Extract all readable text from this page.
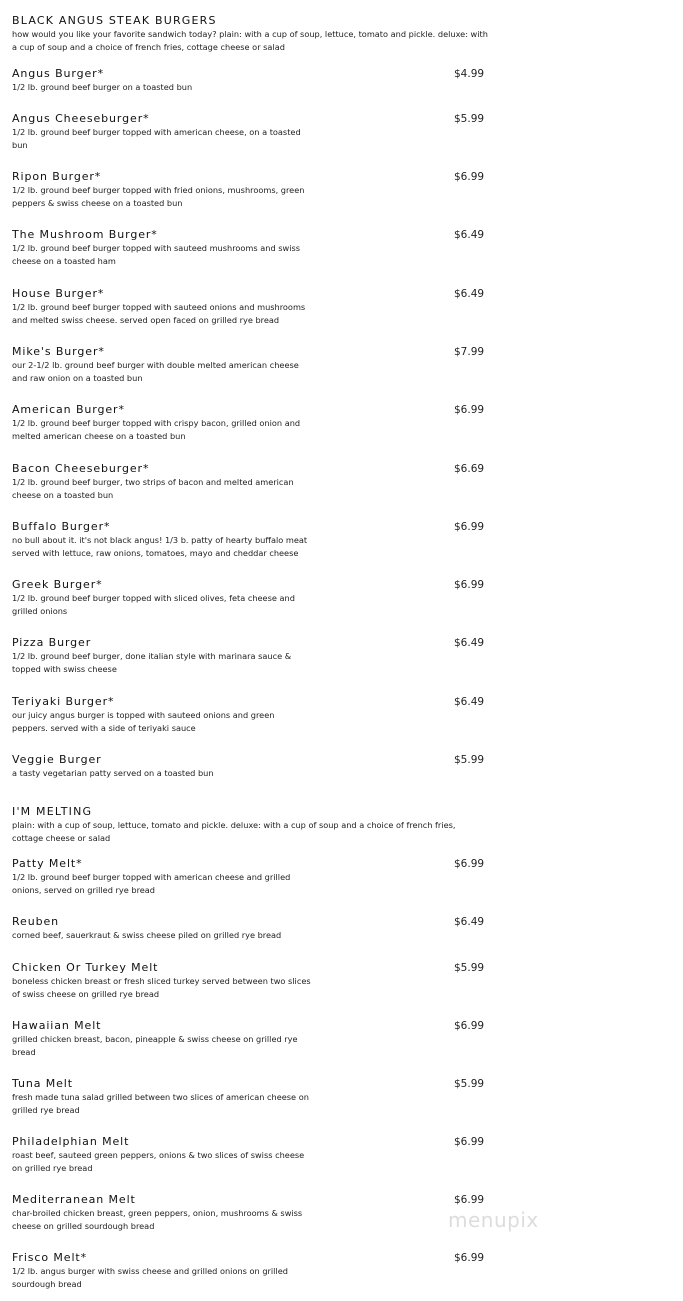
BLACK ANGUS STEAK BURGERS
how would you like your favorite sandwich today? plain: with a cup of soup, lettuce, tomato and pickle. deluxe: with a cup of soup and a choice of french fries, cottage cheese or salad
Angus Burger*
1/2 lb. ground beef burger on a toasted bun
$4.99
Angus Cheeseburger*
1/2 lb. ground beef burger topped with american cheese, on a toasted bun
$5.99
Ripon Burger*
1/2 lb. ground beef burger topped with fried onions, mushrooms, green peppers & swiss cheese on a toasted bun
$6.99
The Mushroom Burger*
1/2 lb. ground beef burger topped with sauteed mushrooms and swiss cheese on a toasted ham
$6.49
House Burger*
1/2 lb. ground beef burger topped with sauteed onions and mushrooms and melted swiss cheese. served open faced on grilled rye bread
$6.49
Mike's Burger*
our 2-1/2 lb. ground beef burger with double melted american cheese and raw onion on a toasted bun
$7.99
American Burger*
1/2 lb. ground beef burger topped with crispy bacon, grilled onion and melted american cheese on a toasted bun
$6.99
Bacon Cheeseburger*
1/2 lb. ground beef burger, two strips of bacon and melted american cheese on a toasted bun
$6.69
Buffalo Burger*
no bull about it. it's not black angus! 1/3 b. patty of hearty buffalo meat served with lettuce, raw onions, tomatoes, mayo and cheddar cheese
$6.99
Greek Burger*
1/2 lb. ground beef burger topped with sliced olives, feta cheese and grilled onions
$6.99
Pizza Burger
1/2 lb. ground beef burger, done italian style with marinara sauce & topped with swiss cheese
$6.49
Teriyaki Burger*
our juicy angus burger is topped with sauteed onions and green peppers. served with a side of teriyaki sauce
$6.49
Veggie Burger
a tasty vegetarian patty served on a toasted bun
$5.99
I'M MELTING
plain: with a cup of soup, lettuce, tomato and pickle. deluxe: with a cup of soup and a choice of french fries, cottage cheese or salad
Patty Melt*
1/2 lb. ground beef burger topped with american cheese and grilled onions, served on grilled rye bread
$6.99
Reuben
corned beef, sauerkraut & swiss cheese piled on grilled rye bread
$6.49
Chicken Or Turkey Melt
boneless chicken breast or fresh sliced turkey served between two slices of swiss cheese on grilled rye bread
$5.99
Hawaiian Melt
grilled chicken breast, bacon, pineapple & swiss cheese on grilled rye bread
$6.99
Tuna Melt
fresh made tuna salad grilled between two slices of american cheese on grilled rye bread
$5.99
Philadelphian Melt
roast beef, sauteed green peppers, onions & two slices of swiss cheese on grilled rye bread
$6.99
Mediterranean Melt
char-broiled chicken breast, green peppers, onion, mushrooms & swiss cheese on grilled sourdough bread
$6.99
Frisco Melt*
1/2 lb. angus burger with swiss cheese and grilled onions on grilled sourdough bread
$6.99
menupix
